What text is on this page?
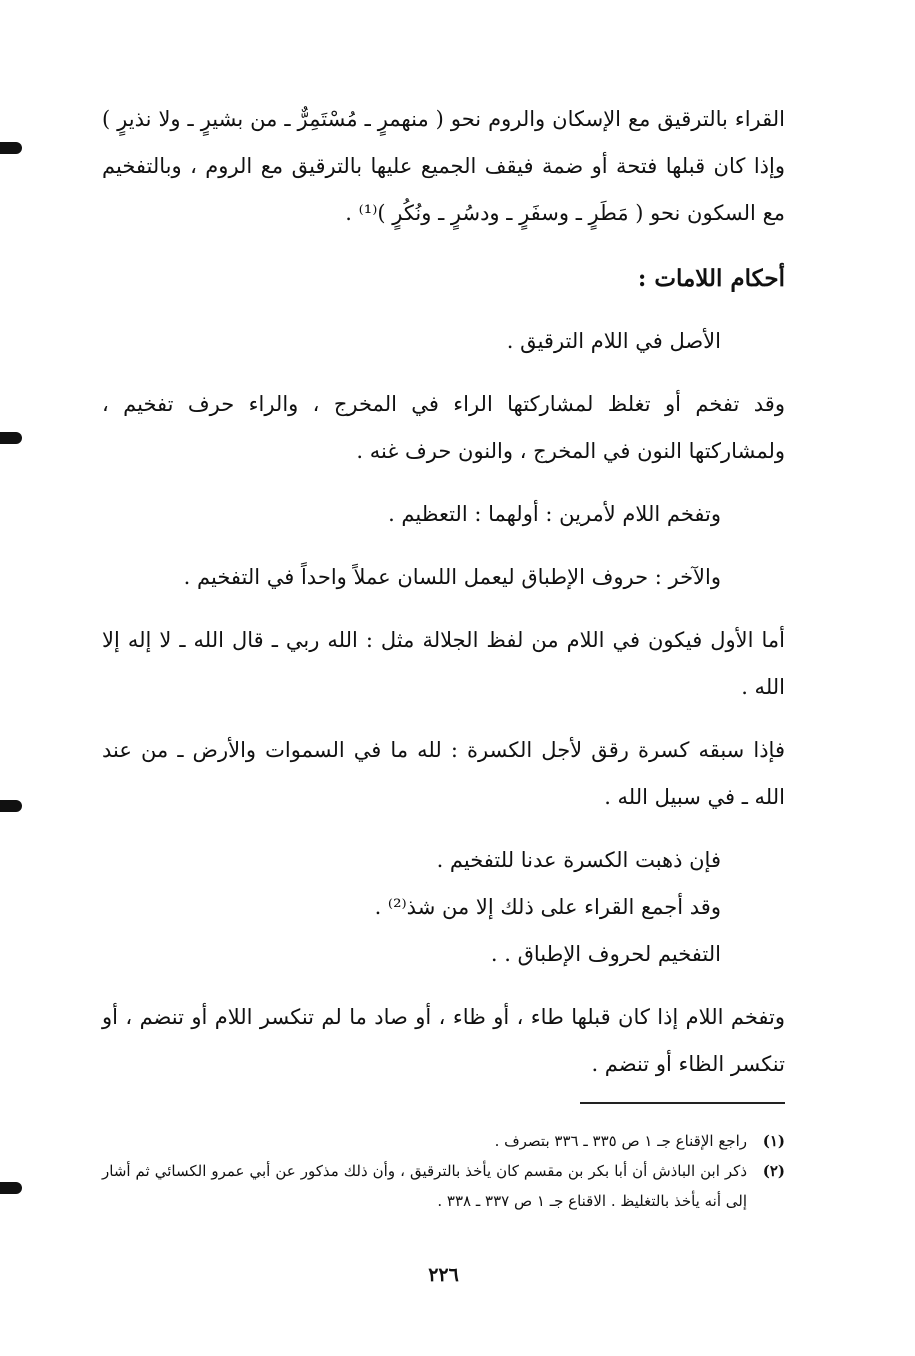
القراء بالترقيق مع الإسكان والروم نحو ( منهمرٍ ـ مُسْتَمِرٌّ ـ من بشيرٍ ـ ولا نذيرٍ ) وإذا كان قبلها فتحة أو ضمة فيقف الجميع عليها بالترقيق مع الروم ، وبالتفخيم مع السكون نحو ( مَطَرٍ ـ وسفَرٍ ـ ودسُرٍ ـ ونُكُرٍ )⁽¹⁾ .

أحكام اللامات :

الأصل في اللام الترقيق .

وقد تفخم أو تغلظ لمشاركتها الراء في المخرج ، والراء حرف تفخيم ، ولمشاركتها النون في المخرج ، والنون حرف غنه .

وتفخم اللام لأمرين : أولهما : التعظيم .

والآخر : حروف الإطباق ليعمل اللسان عملاً واحداً في التفخيم .

أما الأول فيكون في اللام من لفظ الجلالة مثل : الله ربي ـ قال الله ـ لا إله إلا الله .

فإذا سبقه كسرة رقق لأجل الكسرة : لله ما في السموات والأرض ـ من عند الله ـ في سبيل الله .

فإن ذهبت الكسرة عدنا للتفخيم .

وقد أجمع القراء على ذلك إلا من شذ⁽²⁾ .

التفخيم لحروف الإطباق . .

وتفخم اللام إذا كان قبلها طاء ، أو ظاء ، أو صاد ما لم تنكسر اللام أو تنضم ، أو تنكسر الظاء أو تنضم .

(١)
راجع الإقناع جـ ١ ص ٣٣٥ ـ ٣٣٦ بتصرف .
(٢)
ذكر ابن الباذش أن أبا بكر بن مقسم كان يأخذ بالترقيق ، وأن ذلك مذكور عن أبي عمرو الكسائي ثم أشار إلى أنه يأخذ بالتغليظ . الاقناع جـ ١ ص ٣٣٧ ـ ٣٣٨ .
٢٢٦
